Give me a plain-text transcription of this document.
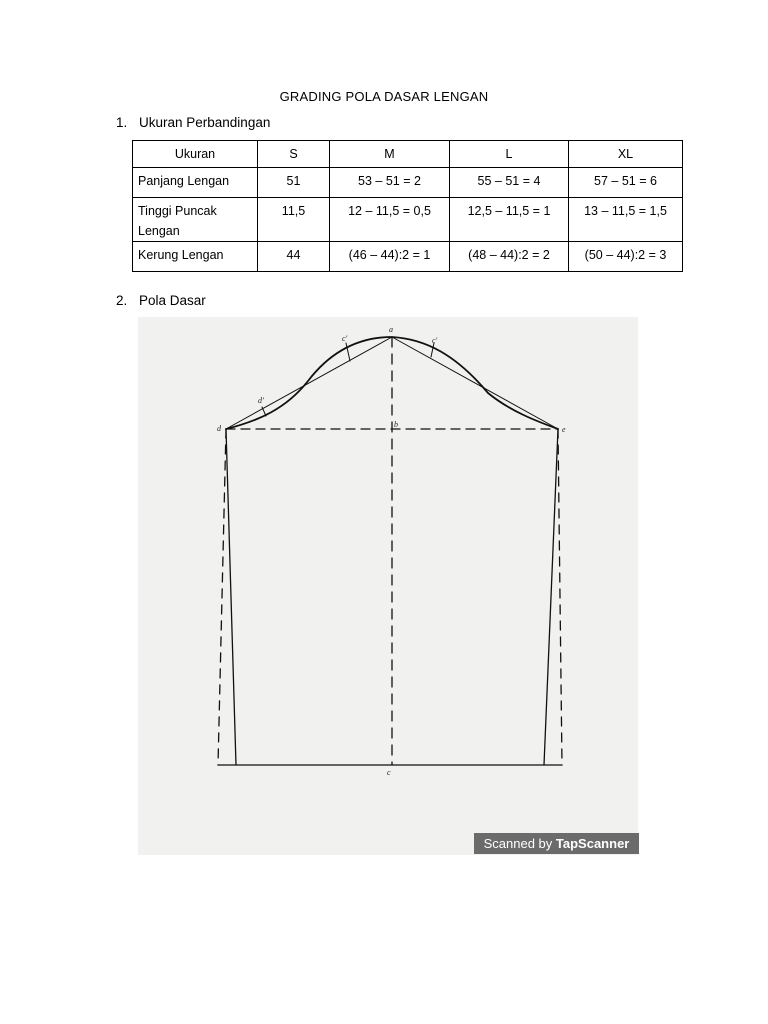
GRADING POLA DASAR LENGAN
1. Ukuran Perbandingan
Ukuran	S	M	L	XL
Panjang Lengan	51	53 – 51 = 2	55 – 51 = 4	57 – 51 = 6
Tinggi Puncak Lengan	11,5	12 – 11,5 = 0,5	12,5 – 11,5 = 1	13 – 11,5 = 1,5
Kerung Lengan	44	(46 – 44):2 = 1	(48 – 44):2 = 2	(50 – 44):2 = 3
2. Pola Dasar
a
b
c
d	e
c'	c'
d'
Scanned by TapScanner
